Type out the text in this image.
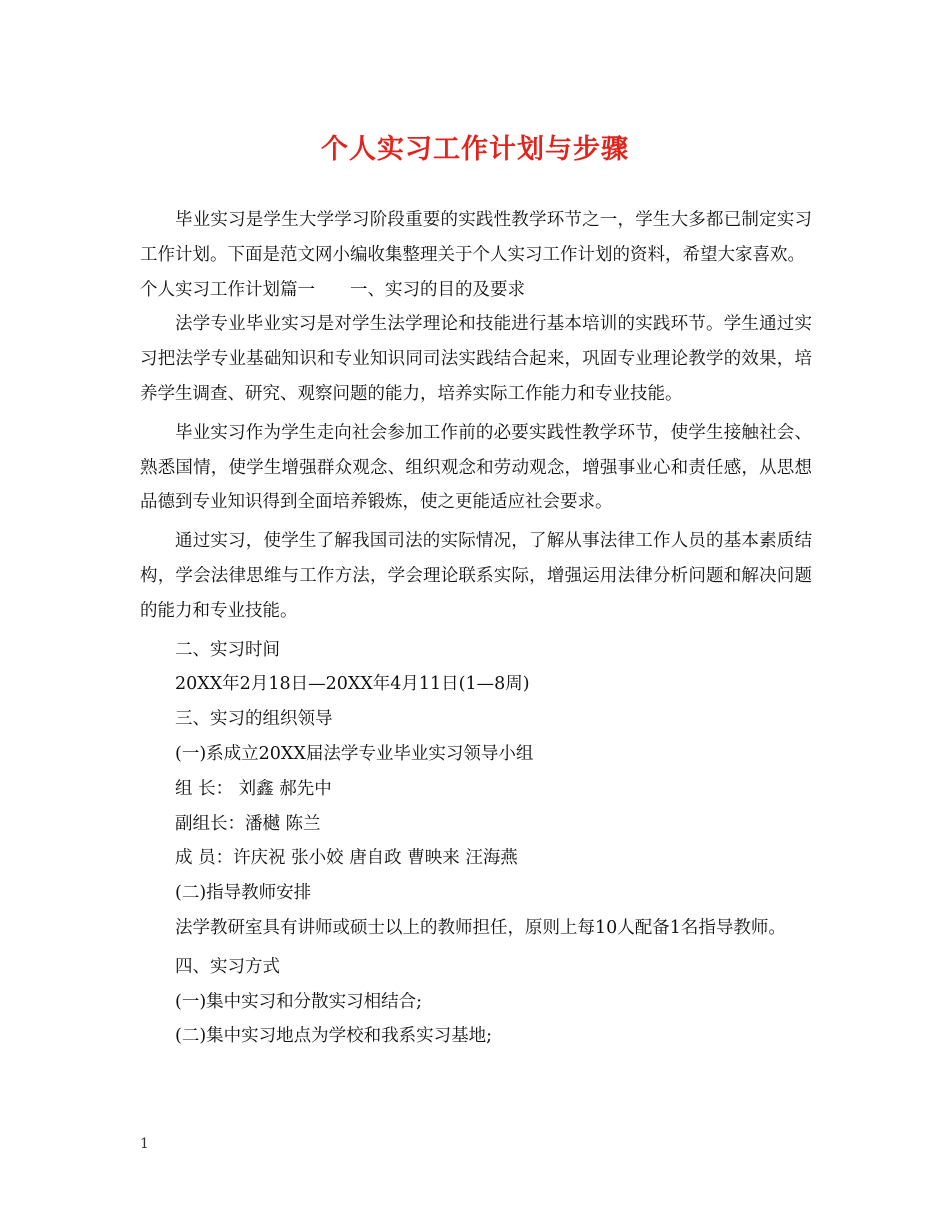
个人实习工作计划与步骤

毕业实习是学生大学学习阶段重要的实践性教学环节之一，学生大多都已制定实习工作计划。下面是范文网小编收集整理关于个人实习工作计划的资料，希望大家喜欢。

个人实习工作计划篇一　　一、实习的目的及要求

法学专业毕业实习是对学生法学理论和技能进行基本培训的实践环节。学生通过实习把法学专业基础知识和专业知识同司法实践结合起来，巩固专业理论教学的效果，培养学生调查、研究、观察问题的能力，培养实际工作能力和专业技能。

毕业实习作为学生走向社会参加工作前的必要实践性教学环节，使学生接触社会、熟悉国情，使学生增强群众观念、组织观念和劳动观念，增强事业心和责任感，从思想品德到专业知识得到全面培养锻炼，使之更能适应社会要求。

通过实习，使学生了解我国司法的实际情况，了解从事法律工作人员的基本素质结构，学会法律思维与工作方法，学会理论联系实际，增强运用法律分析问题和解决问题的能力和专业技能。

二、实习时间

20XX年2月18日—20XX年4月11日(1—8周)

三、实习的组织领导

(一)系成立20XX届法学专业毕业实习领导小组

组 长： 刘鑫 郝先中

副组长：潘樾 陈兰

成 员：许庆祝 张小姣 唐自政 曹映来 汪海燕

(二)指导教师安排

法学教研室具有讲师或硕士以上的教师担任，原则上每10人配备1名指导教师。

四、实习方式

(一)集中实习和分散实习相结合;

(二)集中实习地点为学校和我系实习基地;

1
